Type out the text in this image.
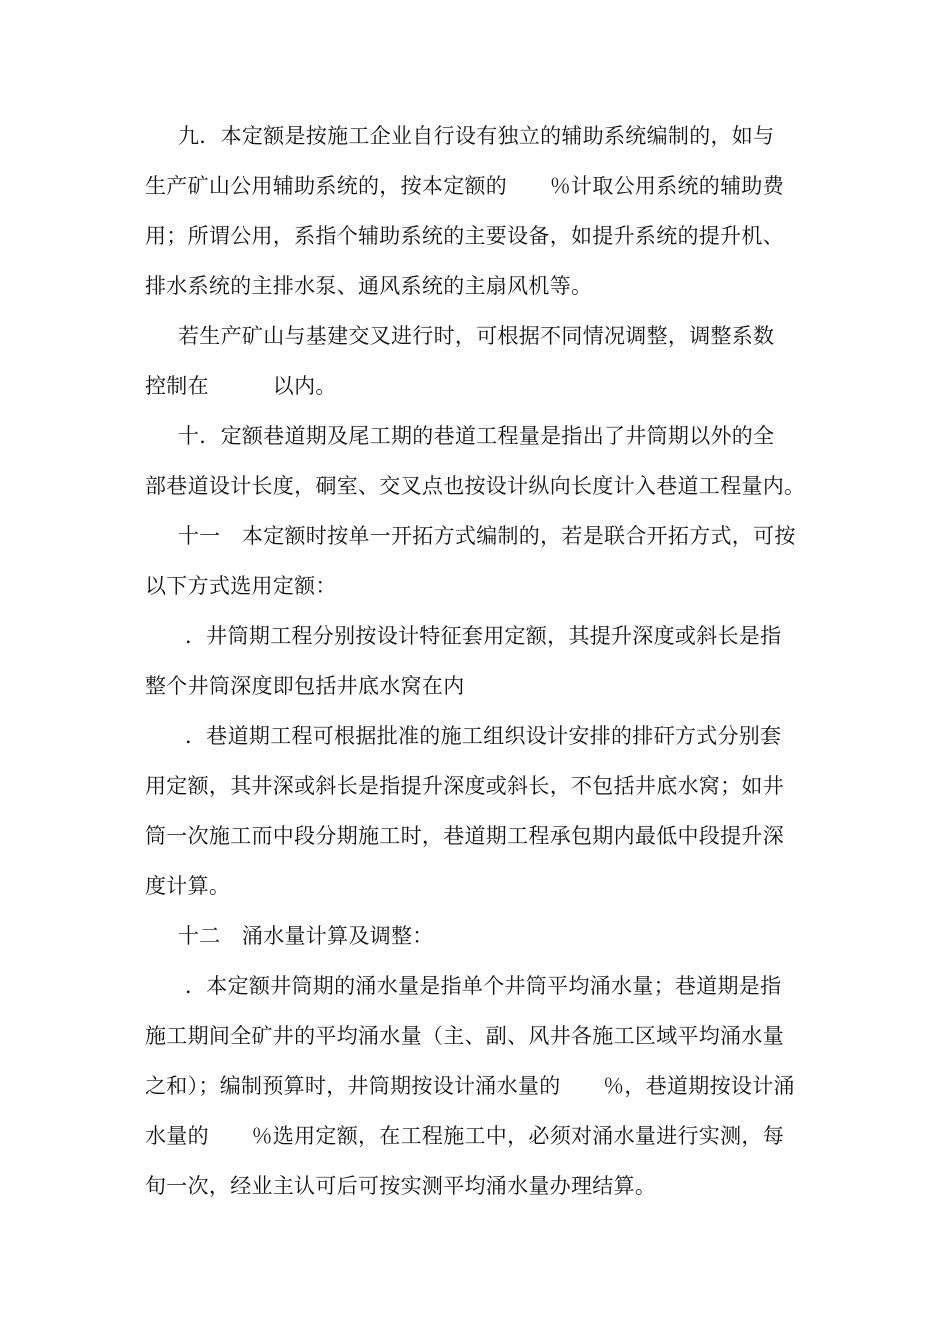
九．本定额是按施工企业自行设有独立的辅助系统编制的，如与
生产矿山公用辅助系统的，按本定额的　　％计取公用系统的辅助费
用；所谓公用，系指个辅助系统的主要设备，如提升系统的提升机、
排水系统的主排水泵、通风系统的主扇风机等。
若生产矿山与基建交叉进行时，可根据不同情况调整，调整系数
控制在　　　以内。
十．定额巷道期及尾工期的巷道工程量是指出了井筒期以外的全
部巷道设计长度，硐室、交叉点也按设计纵向长度计入巷道工程量内。
十一　本定额时按单一开拓方式编制的，若是联合开拓方式，可按
以下方式选用定额：
．井筒期工程分别按设计特征套用定额，其提升深度或斜长是指
整个井筒深度即包括井底水窝在内
．巷道期工程可根据批准的施工组织设计安排的排矸方式分别套
用定额，其井深或斜长是指提升深度或斜长，不包括井底水窝；如井
筒一次施工而中段分期施工时，巷道期工程承包期内最低中段提升深
度计算。
十二　涌水量计算及调整：
．本定额井筒期的涌水量是指单个井筒平均涌水量；巷道期是指
施工期间全矿井的平均涌水量（主、副、风井各施工区域平均涌水量
之和）；编制预算时，井筒期按设计涌水量的　　％，巷道期按设计涌
水量的　　％选用定额，在工程施工中，必须对涌水量进行实测，每
旬一次，经业主认可后可按实测平均涌水量办理结算。
